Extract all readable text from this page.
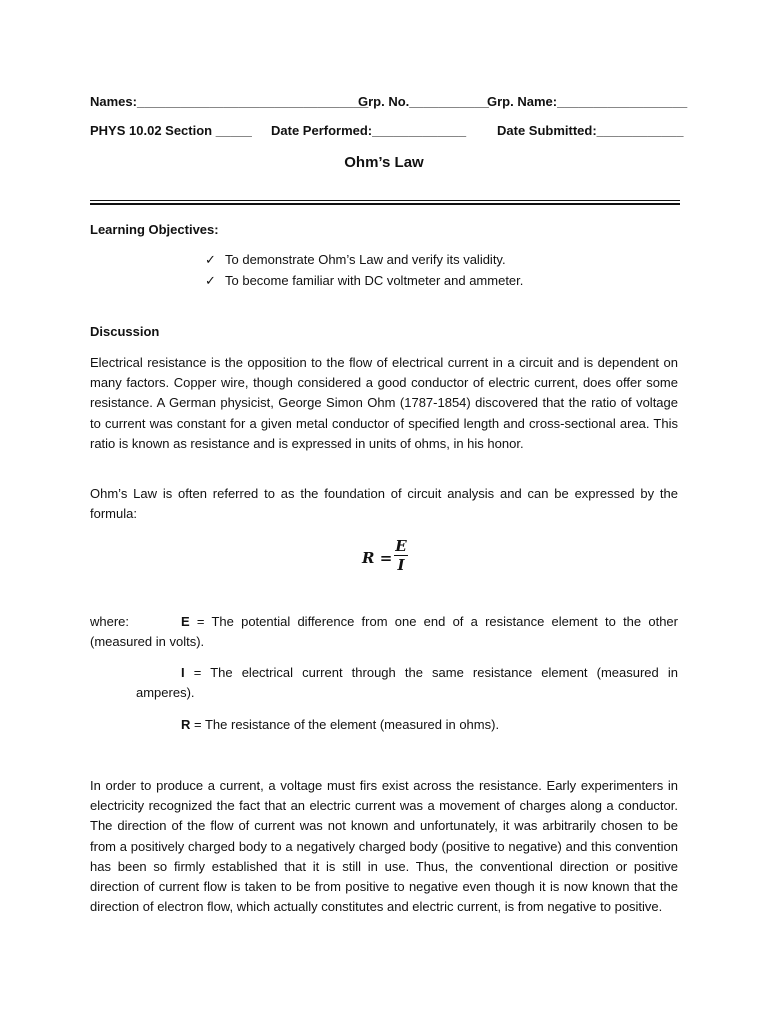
Names:________________________________
Grp. No.___________
Grp. Name:__________________
PHYS 10.02 Section _____ Date Performed:_____________ Date Submitted:____________
Ohm’s Law
Learning Objectives:
✓ To demonstrate Ohm’s Law and verify its validity.
✓ To become familiar with DC voltmeter and ammeter.
Discussion

Electrical resistance is the opposition to the flow of electrical current in a circuit and is dependent on many factors. Copper wire, though considered a good conductor of electric current, does offer some resistance. A German physicist, George Simon Ohm (1787-1854) discovered that the ratio of voltage to current was constant for a given metal conductor of specified length and cross-sectional area. This ratio is known as resistance and is expressed in units of ohms, in his honor.

Ohm’s Law is often referred to as the foundation of circuit analysis and can be expressed by the formula:

R =
E
I
where:	E = The potential difference from one end of a resistance element to the other (measured in volts).
I = The electrical current through the same resistance element (measured in amperes).
R = The resistance of the element (measured in ohms).

In order to produce a current, a voltage must firs exist across the resistance. Early experimenters in electricity recognized the fact that an electric current was a movement of charges along a conductor. The direction of the flow of current was not known and unfortunately, it was arbitrarily chosen to be from a positively charged body to a negatively charged body (positive to negative) and this convention has been so firmly established that it is still in use. Thus, the conventional direction or positive direction of current flow is taken to be from positive to negative even though it is now known that the direction of electron flow, which actually constitutes and electric current, is from negative to positive.
